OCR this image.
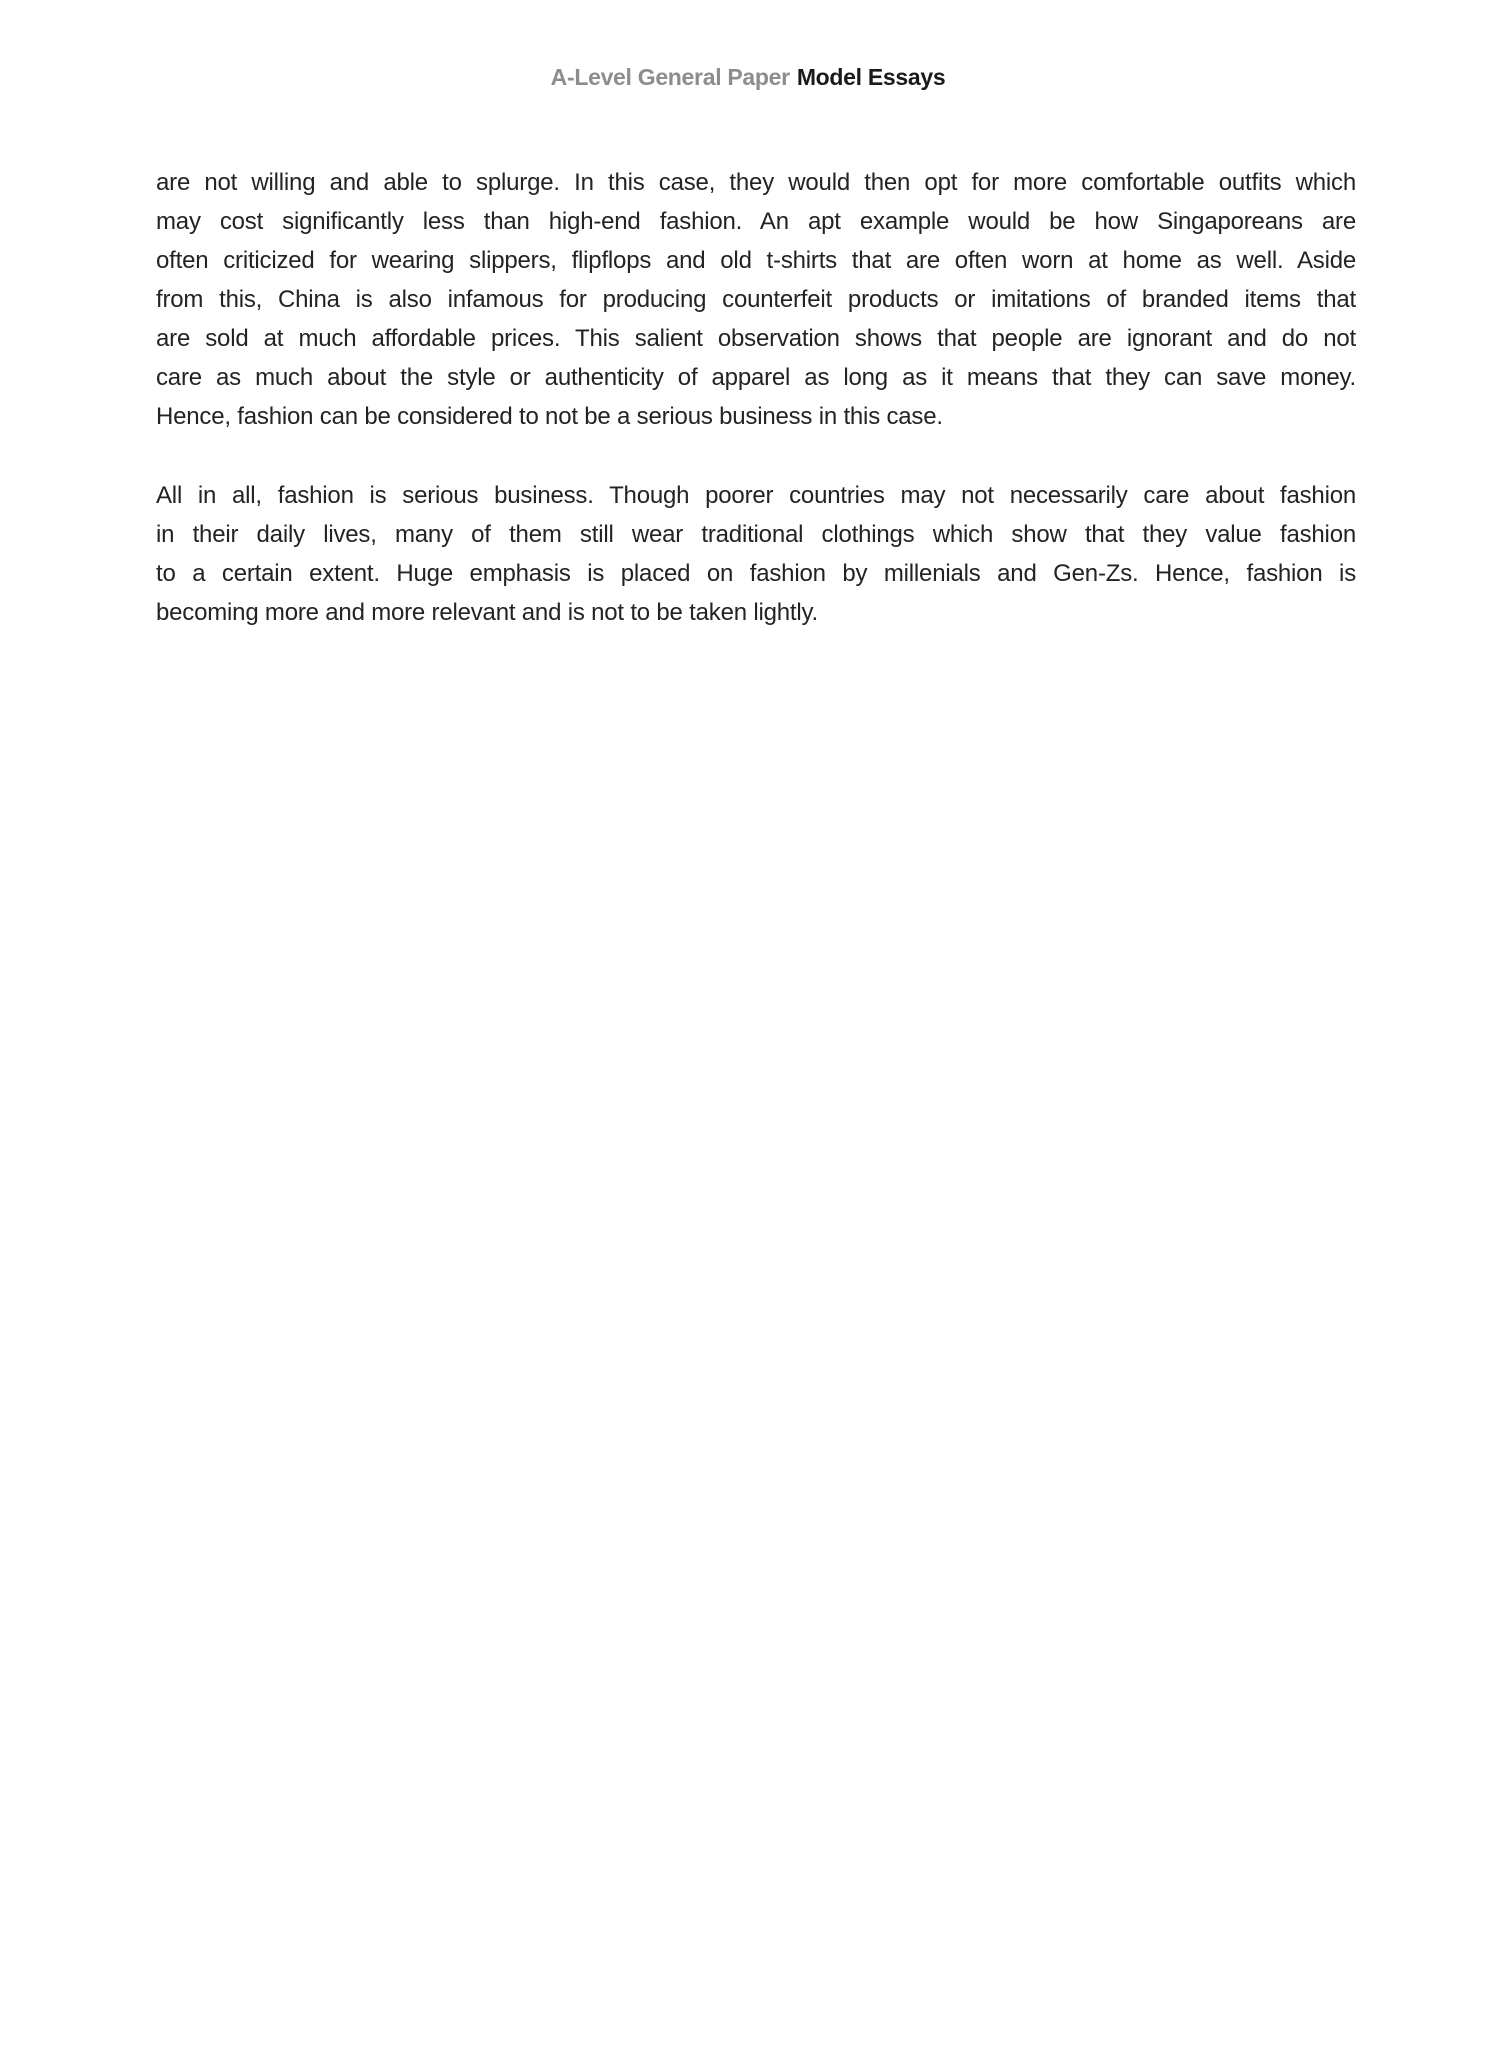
A-Level General Paper Model Essays
are not willing and able to splurge. In this case, they would then opt for more comfortable outfits which
may cost significantly less than high-end fashion. An apt example would be how Singaporeans are
often criticized for wearing slippers, flipflops and old t-shirts that are often worn at home as well. Aside
from this, China is also infamous for producing counterfeit products or imitations of branded items that
are sold at much affordable prices. This salient observation shows that people are ignorant and do not
care as much about the style or authenticity of apparel as long as it means that they can save money.
Hence, fashion can be considered to not be a serious business in this case.
All in all, fashion is serious business. Though poorer countries may not necessarily care about fashion
in their daily lives, many of them still wear traditional clothings which show that they value fashion
to a certain extent. Huge emphasis is placed on fashion by millenials and Gen-Zs. Hence, fashion is
becoming more and more relevant and is not to be taken lightly.
